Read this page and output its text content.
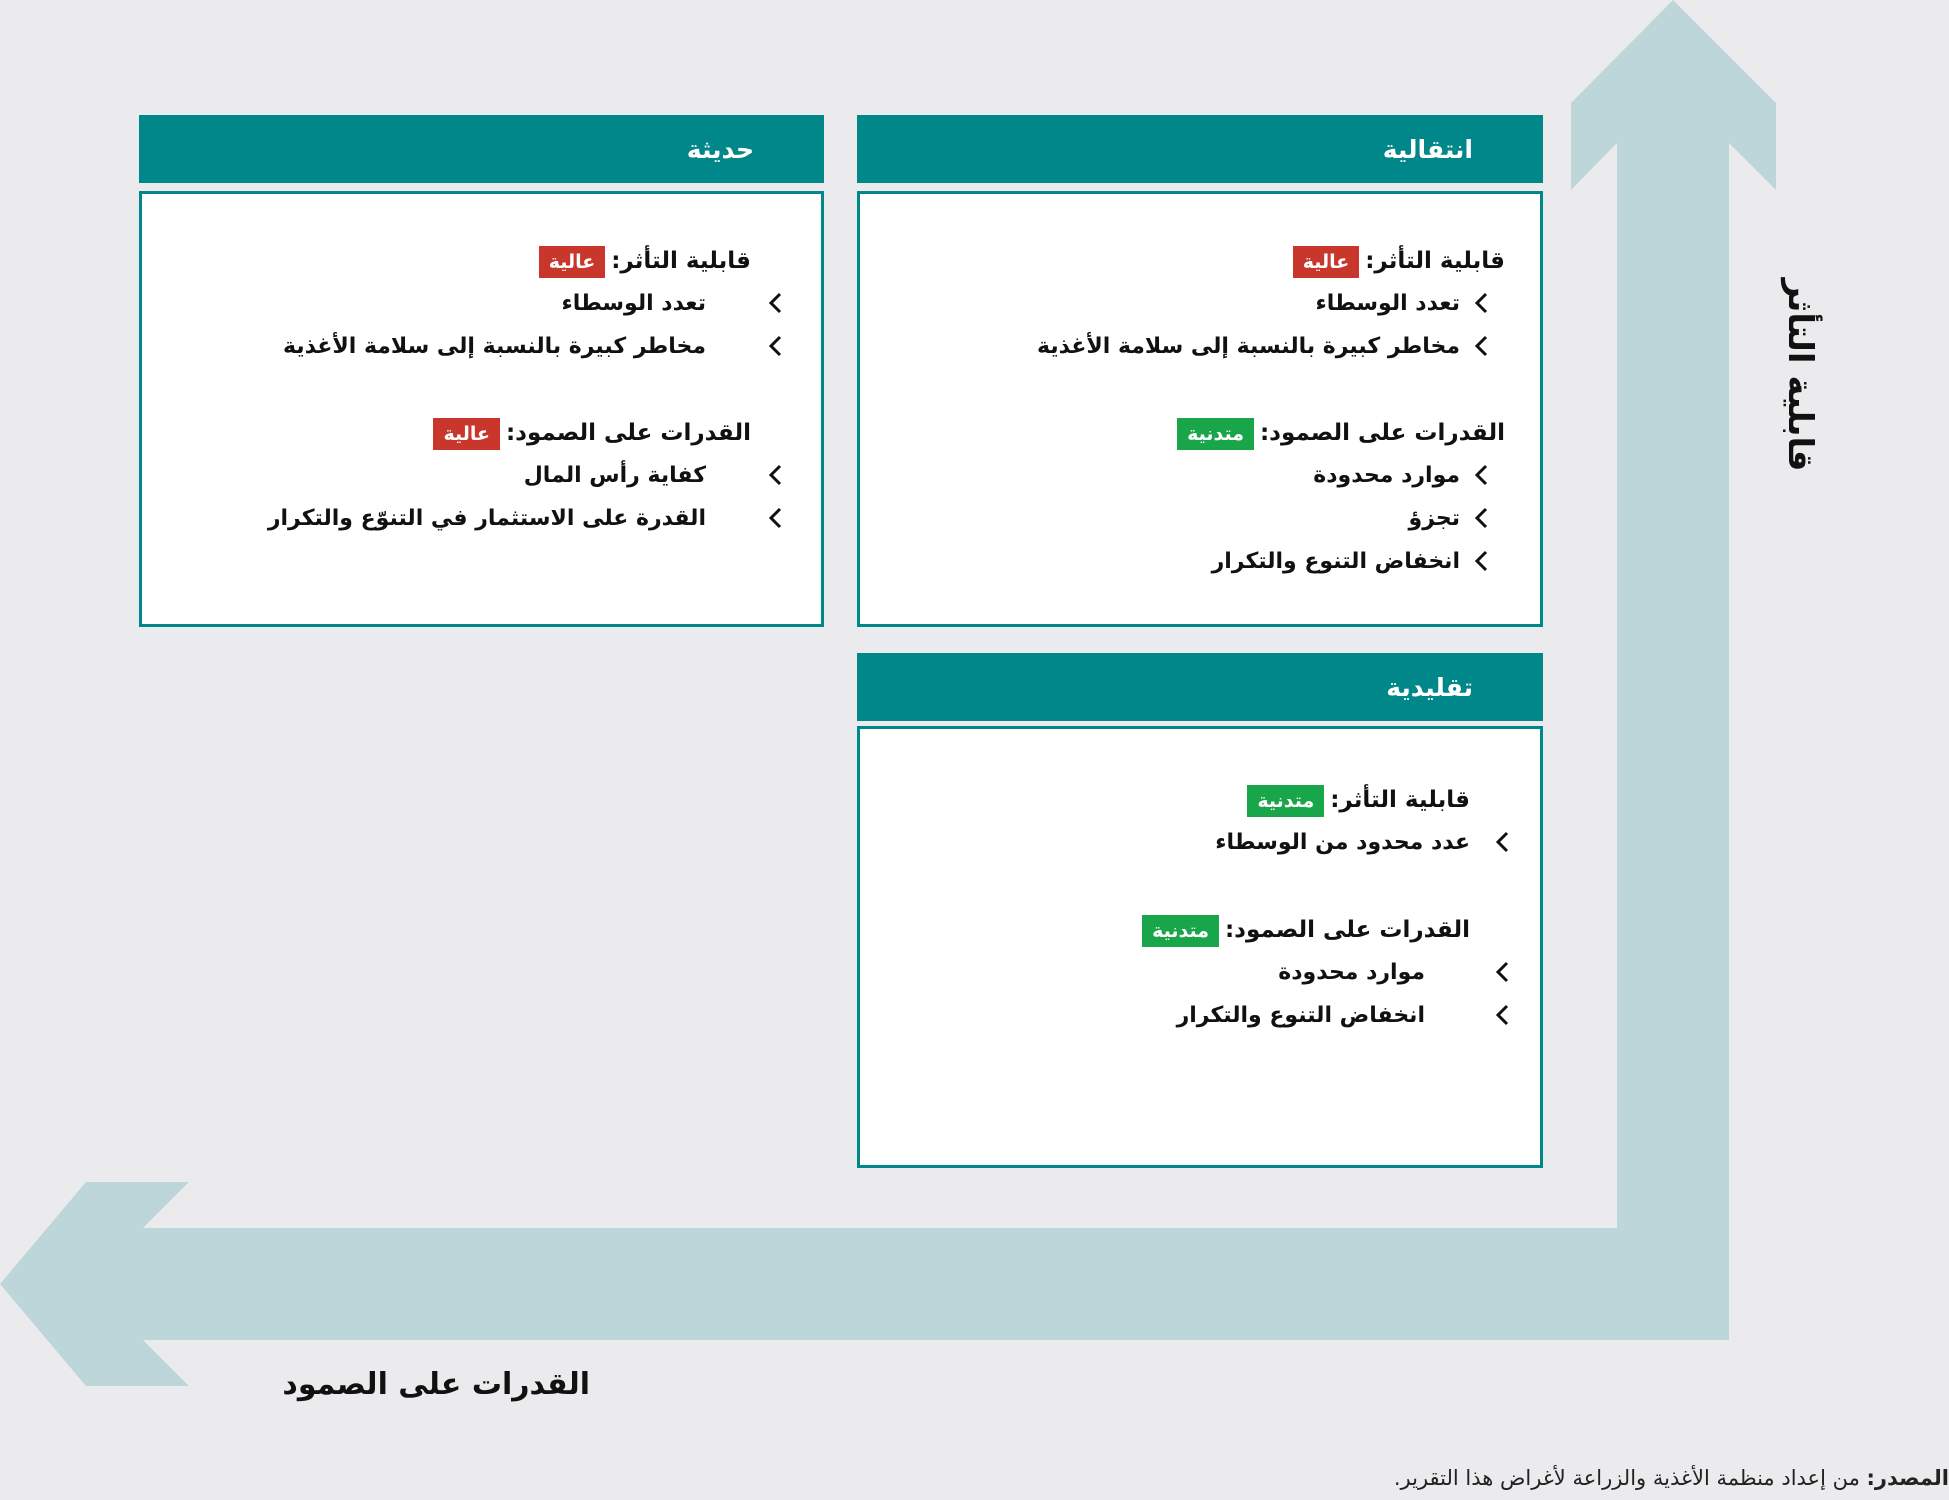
قابلية التأثر
القدرات على الصمود
حديثة
قابلية التأثر:عالية
تعدد الوسطاء
مخاطر كبيرة بالنسبة إلى سلامة الأغذية
القدرات على الصمود:عالية
كفاية رأس المال
القدرة على الاستثمار في التنوّع والتكرار
انتقالية
قابلية التأثر:عالية
تعدد الوسطاء
مخاطر كبيرة بالنسبة إلى سلامة الأغذية
القدرات على الصمود:متدنية
موارد محدودة
تجزؤ
انخفاض التنوع والتكرار
تقليدية
قابلية التأثر:متدنية
عدد محدود من الوسطاء
القدرات على الصمود:متدنية
موارد محدودة
انخفاض التنوع والتكرار
المصدر: من إعداد منظمة الأغذية والزراعة لأغراض هذا التقرير.
